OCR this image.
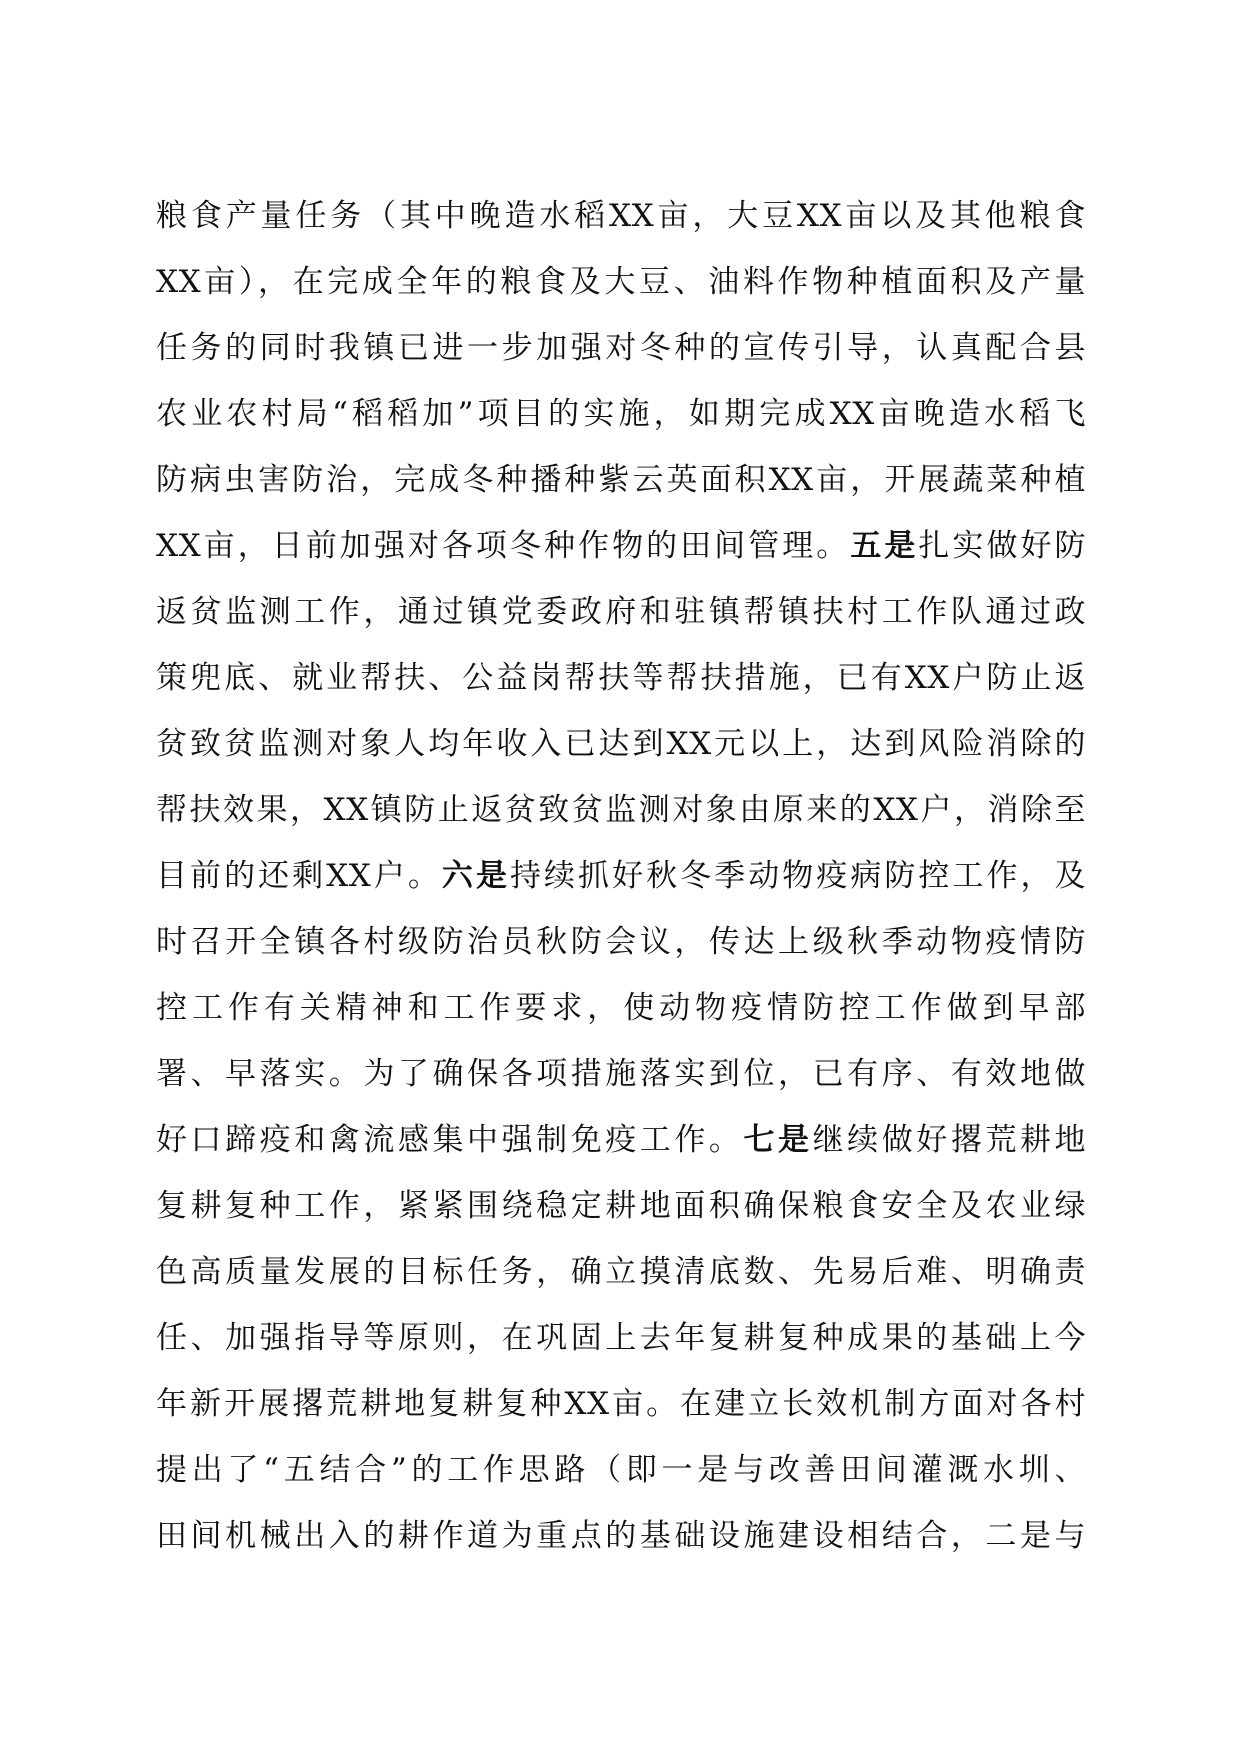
粮食产量任务（其中晚造水稻XX亩，大豆XX亩以及其他粮食
XX亩），在完成全年的粮食及大豆、油料作物种植面积及产量
任务的同时我镇已进一步加强对冬种的宣传引导，认真配合县
农业农村局“稻稻加”项目的实施，如期完成XX亩晚造水稻飞
防病虫害防治，完成冬种播种紫云英面积XX亩，开展蔬菜种植
XX亩，日前加强对各项冬种作物的田间管理。五是扎实做好防
返贫监测工作，通过镇党委政府和驻镇帮镇扶村工作队通过政
策兜底、就业帮扶、公益岗帮扶等帮扶措施，已有XX户防止返
贫致贫监测对象人均年收入已达到XX元以上，达到风险消除的
帮扶效果，XX镇防止返贫致贫监测对象由原来的XX户，消除至
目前的还剩XX户。六是持续抓好秋冬季动物疫病防控工作，及
时召开全镇各村级防治员秋防会议，传达上级秋季动物疫情防
控工作有关精神和工作要求，使动物疫情防控工作做到早部
署、早落实。为了确保各项措施落实到位，已有序、有效地做
好口蹄疫和禽流感集中强制免疫工作。七是继续做好撂荒耕地
复耕复种工作，紧紧围绕稳定耕地面积确保粮食安全及农业绿
色高质量发展的目标任务，确立摸清底数、先易后难、明确责
任、加强指导等原则，在巩固上去年复耕复种成果的基础上今
年新开展撂荒耕地复耕复种XX亩。在建立长效机制方面对各村
提出了“五结合”的工作思路（即一是与改善田间灌溉水圳、
田间机械出入的耕作道为重点的基础设施建设相结合，二是与
